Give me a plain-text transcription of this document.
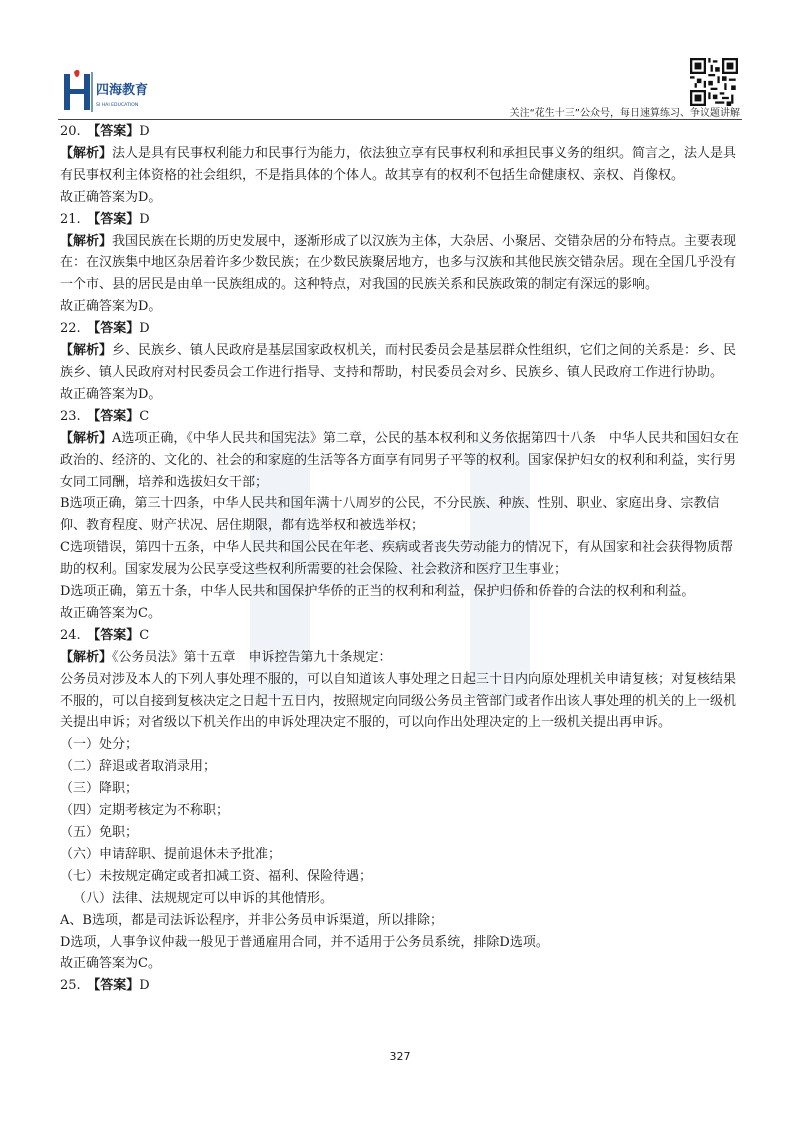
四海教育
SI HAI EDUCATION
关注“花生十三”公众号，每日速算练习、争议题讲解
20.　 【答案】D
【解析】法人是具有民事权利能力和民事行为能力，依法独立享有民事权利和承担民事义务的组织。简言之，法人是具有民事权利主体资格的社会组织，不是指具体的个体人。故其享有的权利不包括生命健康权、亲权、肖像权。
故正确答案为D。
21.　 【答案】D
【解析】我国民族在长期的历史发展中，逐渐形成了以汉族为主体，大杂居、小聚居、交错杂居的分布特点。主要表现在：在汉族集中地区杂居着许多少数民族；在少数民族聚居地方，也多与汉族和其他民族交错杂居。现在全国几乎没有一个市、县的居民是由单一民族组成的。这种特点，对我国的民族关系和民族政策的制定有深远的影响。
故正确答案为D。
22.　 【答案】D
【解析】乡、民族乡、镇人民政府是基层国家政权机关，而村民委员会是基层群众性组织，它们之间的关系是：乡、民族乡、镇人民政府对村民委员会工作进行指导、支持和帮助，村民委员会对乡、民族乡、镇人民政府工作进行协助。
故正确答案为D。
23.　 【答案】C
【解析】A选项正确，《中华人民共和国宪法》第二章，公民的基本权利和义务依据第四十八条　中华人民共和国妇女在政治的、经济的、文化的、社会的和家庭的生活等各方面享有同男子平等的权利。国家保护妇女的权利和利益，实行男女同工同酬，培养和选拔妇女干部；
B选项正确，第三十四条，中华人民共和国年满十八周岁的公民，不分民族、种族、性别、职业、家庭出身、宗教信仰、教育程度、财产状况、居住期限，都有选举权和被选举权；
C选项错误，第四十五条，中华人民共和国公民在年老、疾病或者丧失劳动能力的情况下，有从国家和社会获得物质帮助的权利。国家发展为公民享受这些权利所需要的社会保险、社会救济和医疗卫生事业；
D选项正确，第五十条，中华人民共和国保护华侨的正当的权利和利益，保护归侨和侨眷的合法的权利和利益。
故正确答案为C。
24.　 【答案】C
【解析】《公务员法》第十五章　申诉控告第九十条规定：
公务员对涉及本人的下列人事处理不服的，可以自知道该人事处理之日起三十日内向原处理机关申请复核；对复核结果不服的，可以自接到复核决定之日起十五日内，按照规定向同级公务员主管部门或者作出该人事处理的机关的上一级机关提出申诉；对省级以下机关作出的申诉处理决定不服的，可以向作出处理决定的上一级机关提出再申诉。
（一）处分；
（二）辞退或者取消录用；
（三）降职；
（四）定期考核定为不称职；
（五）免职；
（六）申请辞职、提前退休未予批准；
（七）未按规定确定或者扣减工资、福利、保险待遇；
（八）法律、法规规定可以申诉的其他情形。
A、B选项，都是司法诉讼程序，并非公务员申诉渠道，所以排除；
D选项，人事争议仲裁一般见于普通雇用合同，并不适用于公务员系统，排除D选项。
故正确答案为C。
25.　 【答案】D
327
